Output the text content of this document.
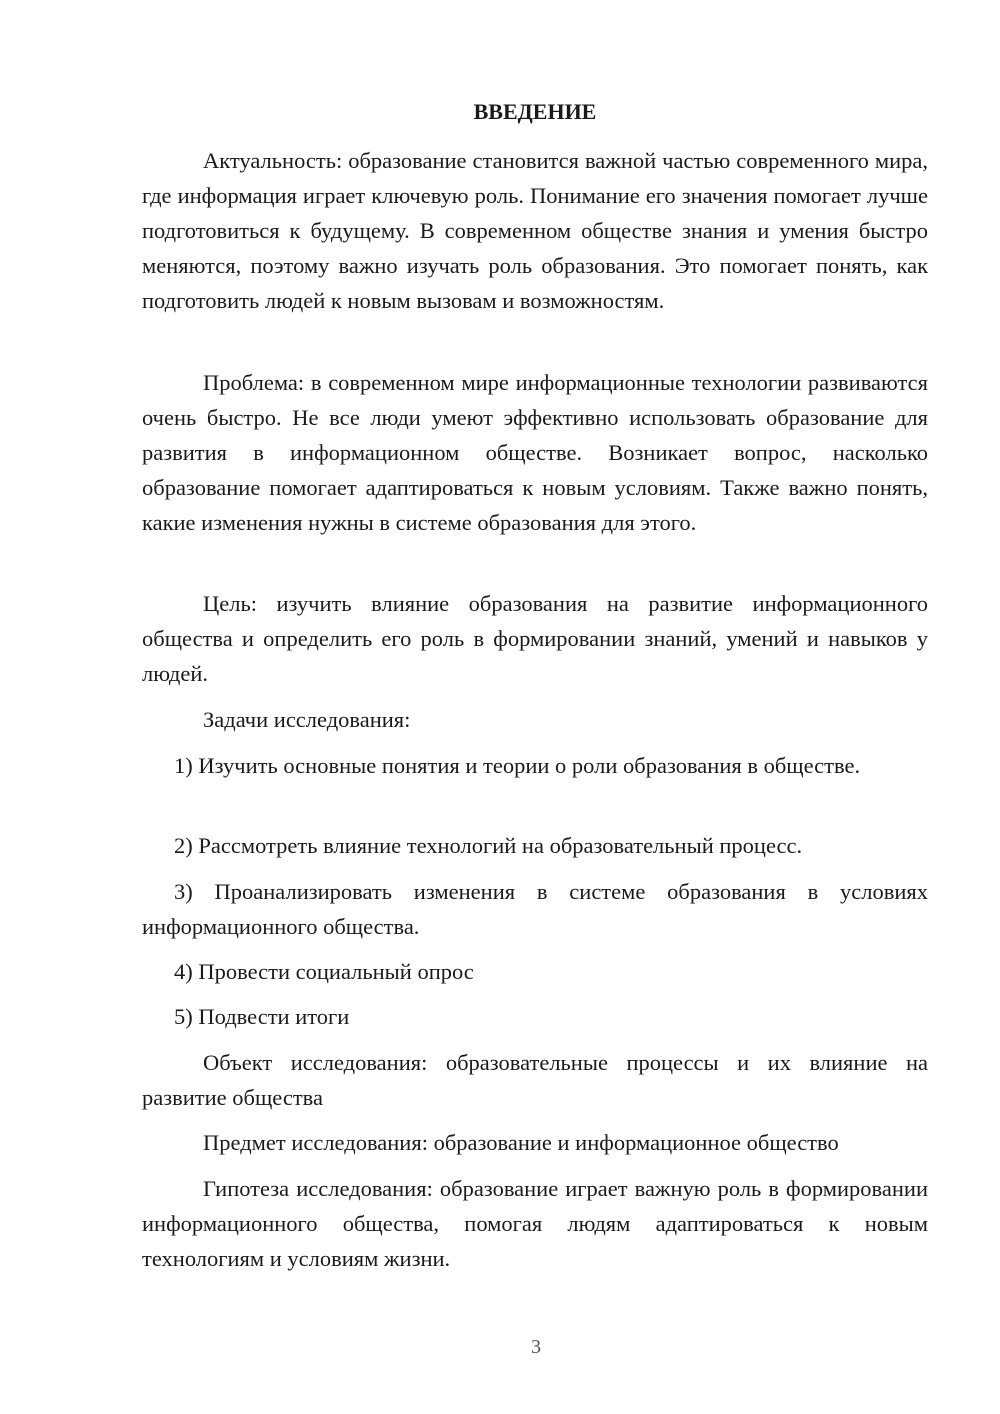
ВВЕДЕНИЕ

Актуальность: образование становится важной частью современного мира, где информация играет ключевую роль. Понимание его значения помогает лучше подготовиться к будущему. В современном обществе знания и умения быстро меняются, поэтому важно изучать роль образования. Это помогает понять, как подготовить людей к новым вызовам и возможностям.

Проблема: в современном мире информационные технологии развиваются очень быстро. Не все люди умеют эффективно использовать образование для развития в информационном обществе. Возникает вопрос, насколько образование помогает адаптироваться к новым условиям. Также важно понять, какие изменения нужны в системе образования для этого.

Цель: изучить влияние образования на развитие информационного общества и определить его роль в формировании знаний, умений и навыков у людей.

Задачи исследования:

1) Изучить основные понятия и теории о роли образования в обществе.

2) Рассмотреть влияние технологий на образовательный процесс.

3) Проанализировать изменения в системе образования в условиях информационного общества.

4) Провести социальный опрос

5) Подвести итоги

Объект исследования: образовательные процессы и их влияние на развитие общества

Предмет исследования: образование и информационное общество

Гипотеза исследования: образование играет важную роль в формировании информационного общества, помогая людям адаптироваться к новым технологиям и условиям жизни.

3
